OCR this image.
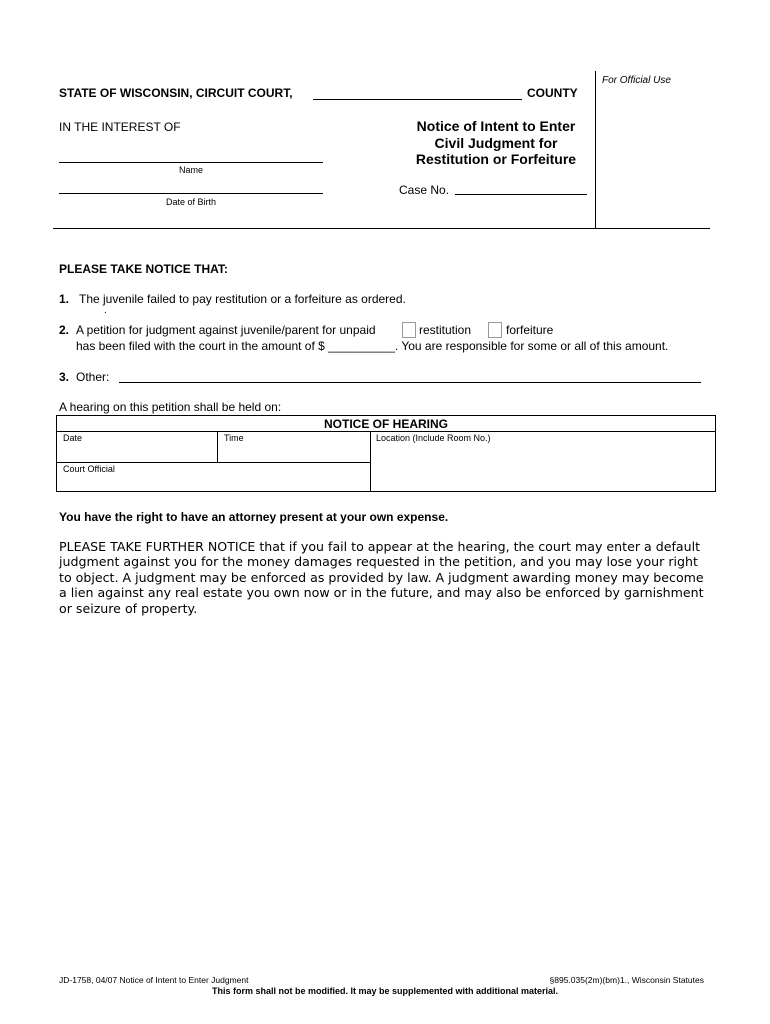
For Official Use
STATE OF WISCONSIN, CIRCUIT COURT,	COUNTY
IN THE INTEREST OF
Name
Date of Birth
Notice of Intent to Enter
Civil Judgment for
Restitution or Forfeiture
Case No.
PLEASE TAKE NOTICE THAT:
1. The juvenile failed to pay restitution or a forfeiture as ordered.
.
2. A petition for judgment against juvenile/parent for unpaid	restitution	forfeiture
has been filed with the court in the amount of $ __________. You are responsible for some or all of this amount.
3. Other:
A hearing on this petition shall be held on:
NOTICE OF HEARING
Date	Time	Location (Include Room No.)
Court Official
You have the right to have an attorney present at your own expense.
PLEASE TAKE FURTHER NOTICE that if you fail to appear at the hearing, the court may enter a default
judgment against you for the money damages requested in the petition, and you may lose your right
to object. A judgment may be enforced as provided by law. A judgment awarding money may become
a lien against any real estate you own now or in the future, and may also be enforced by garnishment
or seizure of property.
JD-1758, 04/07 Notice of Intent to Enter Judgment	§895.035(2m)(bm)1., Wisconsin Statutes
This form shall not be modified. It may be supplemented with additional material.
